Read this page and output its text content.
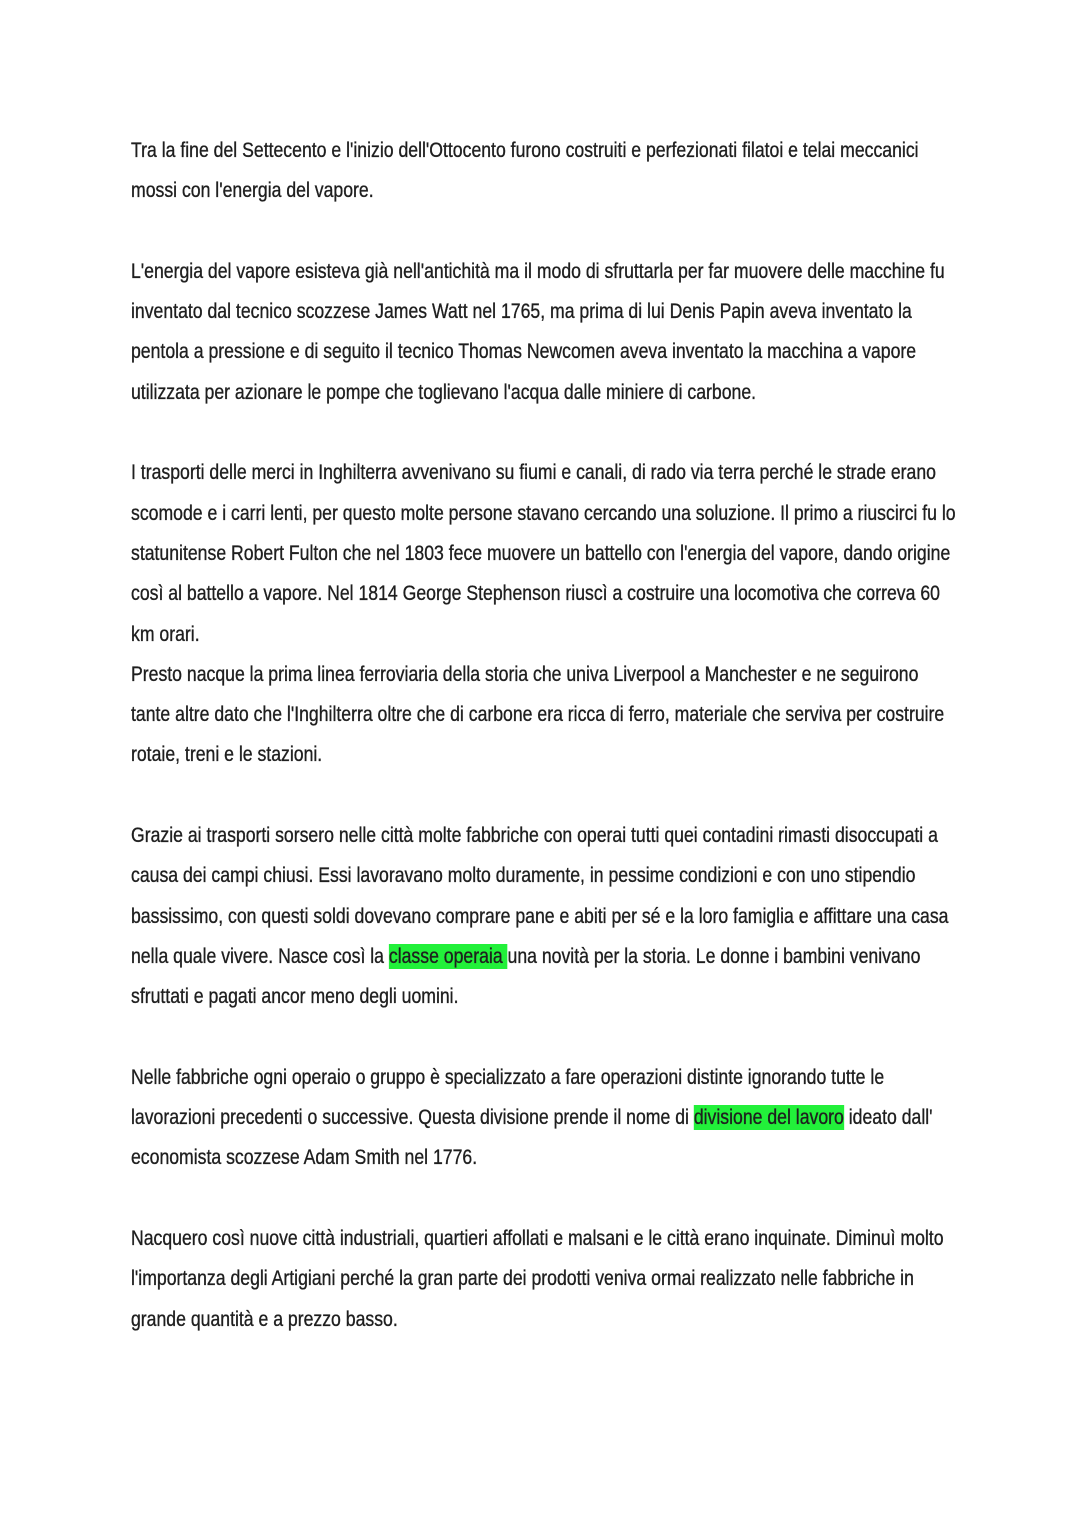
Tra la fine del Settecento e l'inizio dell'Ottocento furono costruiti e perfezionati filatoi e telai meccanici mossi con l'energia del vapore.

L'energia del vapore esisteva già nell'antichità ma il modo di sfruttarla per far muovere delle macchine fu inventato dal tecnico scozzese James Watt nel 1765, ma prima di lui Denis Papin aveva inventato la pentola a pressione e di seguito il tecnico Thomas Newcomen aveva inventato la macchina a vapore utilizzata per azionare le pompe che toglievano l'acqua dalle miniere di carbone.

I trasporti delle merci in Inghilterra avvenivano su fiumi e canali, di rado via terra perché le strade erano scomode e i carri lenti, per questo molte persone stavano cercando una soluzione. Il primo a riuscirci fu lo statunitense Robert Fulton che nel 1803 fece muovere un battello con l'energia del vapore, dando origine così al battello a vapore. Nel 1814 George Stephenson riuscì a costruire una locomotiva che correva 60 km orari.

Presto nacque la prima linea ferroviaria della storia che univa Liverpool a Manchester e ne seguirono tante altre dato che l'Inghilterra oltre che di carbone era ricca di ferro, materiale che serviva per costruire rotaie, treni e le stazioni.

Grazie ai trasporti sorsero nelle città molte fabbriche con operai tutti quei contadini rimasti disoccupati a causa dei campi chiusi. Essi lavoravano molto duramente, in pessime condizioni e con uno stipendio bassissimo, con questi soldi dovevano comprare pane e abiti per sé e la loro famiglia e affittare una casa nella quale vivere. Nasce così la classe operaia una novità per la storia. Le donne i bambini venivano sfruttati e pagati ancor meno degli uomini.

Nelle fabbriche ogni operaio o gruppo è specializzato a fare operazioni distinte ignorando tutte le lavorazioni precedenti o successive. Questa divisione prende il nome di divisione del lavoro ideato dall' economista scozzese Adam Smith nel 1776.

Nacquero così nuove città industriali, quartieri affollati e malsani e le città erano inquinate. Diminuì molto l'importanza degli Artigiani perché la gran parte dei prodotti veniva ormai realizzato nelle fabbriche in grande quantità e a prezzo basso.
